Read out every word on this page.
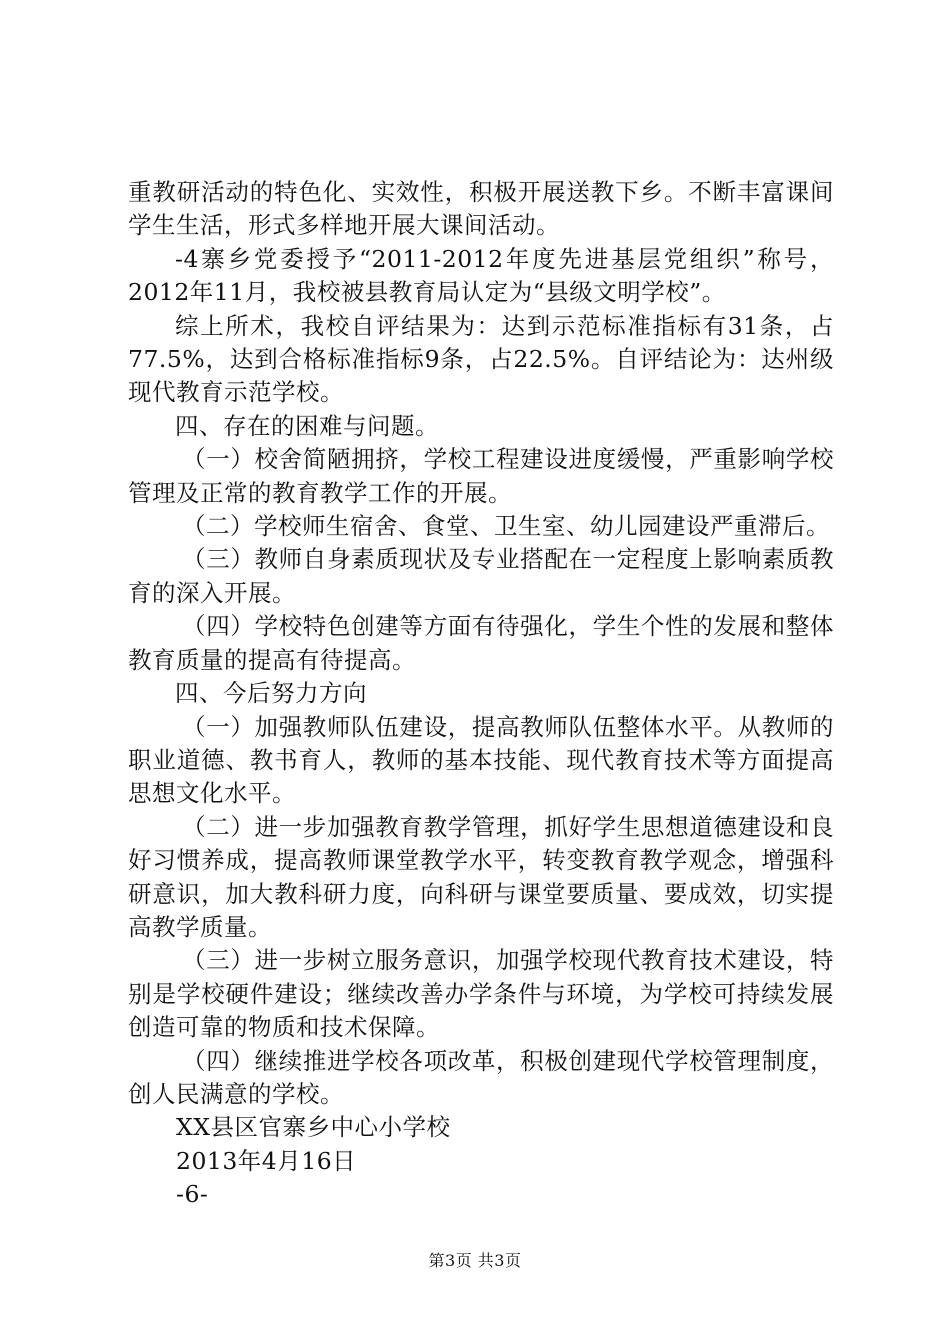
重教研活动的特色化、实效性，积极开展送教下乡。不断丰富课间学生生活，形式多样地开展大课间活动。

-4寨乡党委授予“2011-2012年度先进基层党组织”称号，2012年11月，我校被县教育局认定为“县级文明学校”。

综上所术，我校自评结果为：达到示范标准指标有31条，占77.5%，达到合格标准指标9条，占22.5%。自评结论为：达州级现代教育示范学校。

四、存在的困难与问题。

（一）校舍简陋拥挤，学校工程建设进度缓慢，严重影响学校管理及正常的教育教学工作的开展。

（二）学校师生宿舍、食堂、卫生室、幼儿园建设严重滞后。

（三）教师自身素质现状及专业搭配在一定程度上影响素质教育的深入开展。

（四）学校特色创建等方面有待强化，学生个性的发展和整体教育质量的提高有待提高。

四、今后努力方向

（一）加强教师队伍建设，提高教师队伍整体水平。从教师的职业道德、教书育人，教师的基本技能、现代教育技术等方面提高思想文化水平。

（二）进一步加强教育教学管理，抓好学生思想道德建设和良好习惯养成，提高教师课堂教学水平，转变教育教学观念，增强科研意识，加大教科研力度，向科研与课堂要质量、要成效，切实提高教学质量。

（三）进一步树立服务意识，加强学校现代教育技术建设，特别是学校硬件建设；继续改善办学条件与环境，为学校可持续发展创造可靠的物质和技术保障。

（四）继续推进学校各项改革，积极创建现代学校管理制度，创人民满意的学校。

XX县区官寨乡中心小学校

2013年4月16日

-6-

第3页 共3页
